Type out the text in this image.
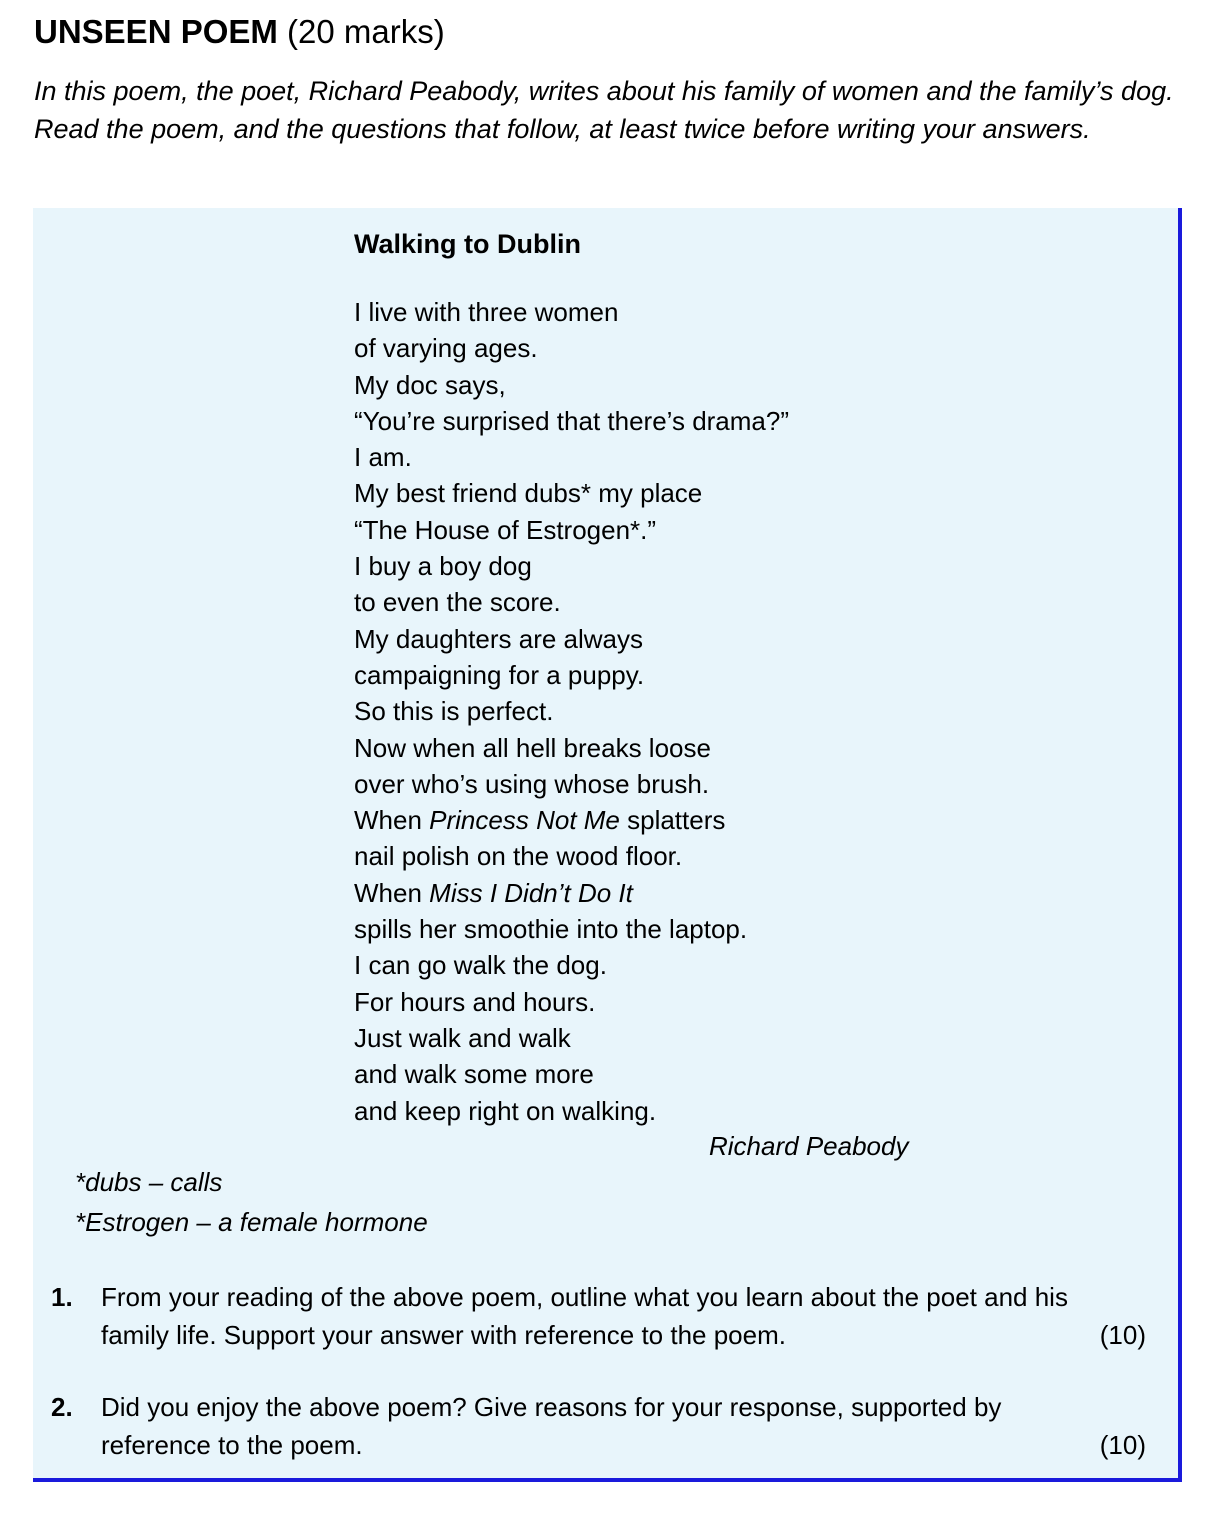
UNSEEN POEM (20 marks)
In this poem, the poet, Richard Peabody, writes about his family of women and the family’s dog. Read the poem, and the questions that follow, at least twice before writing your answers.
Walking to Dublin
I live with three women
of varying ages.
My doc says,
“You’re surprised that there’s drama?”
I am.
My best friend dubs* my place
“The House of Estrogen*.”
I buy a boy dog
to even the score.
My daughters are always
campaigning for a puppy.
So this is perfect.
Now when all hell breaks loose
over who’s using whose brush.
When Princess Not Me splatters
nail polish on the wood floor.
When Miss I Didn’t Do It
spills her smoothie into the laptop.
I can go walk the dog.
For hours and hours.
Just walk and walk
and walk some more
and keep right on walking.
Richard Peabody
*dubs – calls
*Estrogen – a female hormone
1. From your reading of the above poem, outline what you learn about the poet and his family life. Support your answer with reference to the poem.	(10)
2. Did you enjoy the above poem? Give reasons for your response, supported by reference to the poem.	(10)
